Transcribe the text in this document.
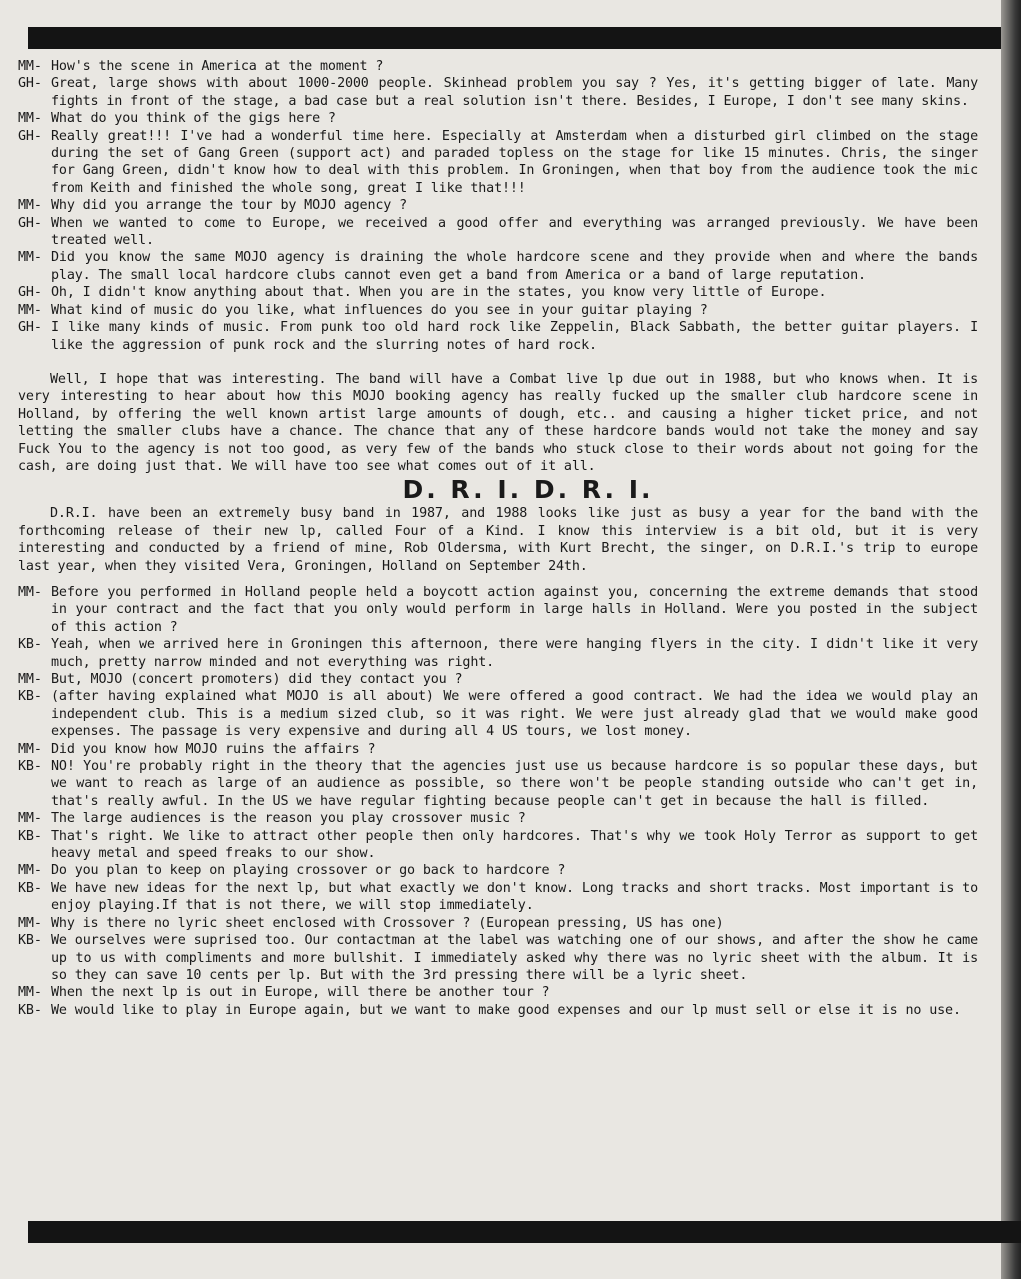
MM- How's the scene in America at the moment ?
GH- Great, large shows with about 1000-2000 people. Skinhead problem you say ? Yes, it's getting bigger of late. Many fights in front of the stage, a bad case but a real solution isn't there. Besides, I Europe, I don't see many skins.
MM- What do you think of the gigs here ?
GH- Really great!!! I've had a wonderful time here. Especially at Amsterdam when a disturbed girl climbed on the stage during the set of Gang Green (support act) and paraded topless on the stage for like 15 minutes. Chris, the singer for Gang Green, didn't know how to deal with this problem. In Groningen, when that boy from the audience took the mic from Keith and finished the whole song, great I like that!!!
MM- Why did you arrange the tour by MOJO agency ?
GH- When we wanted to come to Europe, we received a good offer and everything was arranged previously. We have been treated well.
MM- Did you know the same MOJO agency is draining the whole hardcore scene and they provide when and where the bands play. The small local hardcore clubs cannot even get a band from America or a band of large reputation.
GH- Oh, I didn't know anything about that. When you are in the states, you know very little of Europe.
MM- What kind of music do you like, what influences do you see in your guitar playing ?
GH- I like many kinds of music. From punk too old hard rock like Zeppelin, Black Sabbath, the better guitar players. I like the aggression of punk rock and the slurring notes of hard rock.
Well, I hope that was interesting. The band will have a Combat live lp due out in 1988, but who knows when. It is very interesting to hear about how this MOJO booking agency has really fucked up the smaller club hardcore scene in Holland, by offering the well known artist large amounts of dough, etc.. and causing a higher ticket price, and not letting the smaller clubs have a chance. The chance that any of these hardcore bands would not take the money and say Fuck You to the agency is not too good, as very few of the bands who stuck close to their words about not going for the cash, are doing just that. We will have too see what comes out of it all.
D. R. I. D. R. I.
D.R.I. have been an extremely busy band in 1987, and 1988 looks like just as busy a year for the band with the forthcoming release of their new lp, called Four of a Kind. I know this interview is a bit old, but it is very interesting and conducted by a friend of mine, Rob Oldersma, with Kurt Brecht, the singer, on D.R.I.'s trip to europe last year, when they visited Vera, Groningen, Holland on September 24th.
MM- Before you performed in Holland people held a boycott action against you, concerning the extreme demands that stood in your contract and the fact that you only would perform in large halls in Holland. Were you posted in the subject of this action ?
KB- Yeah, when we arrived here in Groningen this afternoon, there were hanging flyers in the city. I didn't like it very much, pretty narrow minded and not everything was right.
MM- But, MOJO (concert promoters) did they contact you ?
KB- (after having explained what MOJO is all about) We were offered a good contract. We had the idea we would play an independent club. This is a medium sized club, so it was right. We were just already glad that we would make good expenses. The passage is very expensive and during all 4 US tours, we lost money.
MM- Did you know how MOJO ruins the affairs ?
KB- NO! You're probably right in the theory that the agencies just use us because hardcore is so popular these days, but we want to reach as large of an audience as possible, so there won't be people standing outside who can't get in, that's really awful. In the US we have regular fighting because people can't get in because the hall is filled.
MM- The large audiences is the reason you play crossover music ?
KB- That's right. We like to attract other people then only hardcores. That's why we took Holy Terror as support to get heavy metal and speed freaks to our show.
MM- Do you plan to keep on playing crossover or go back to hardcore ?
KB- We have new ideas for the next lp, but what exactly we don't know. Long tracks and short tracks. Most important is to enjoy playing.If that is not there, we will stop immediately.
MM- Why is there no lyric sheet enclosed with Crossover ? (European pressing, US has one)
KB- We ourselves were suprised too. Our contactman at the label was watching one of our shows, and after the show he came up to us with compliments and more bullshit. I immediately asked why there was no lyric sheet with the album. It is so they can save 10 cents per lp. But with the 3rd pressing there will be a lyric sheet.
MM- When the next lp is out in Europe, will there be another tour ?
KB- We would like to play in Europe again, but we want to make good expenses and our lp must sell or else it is no use.
